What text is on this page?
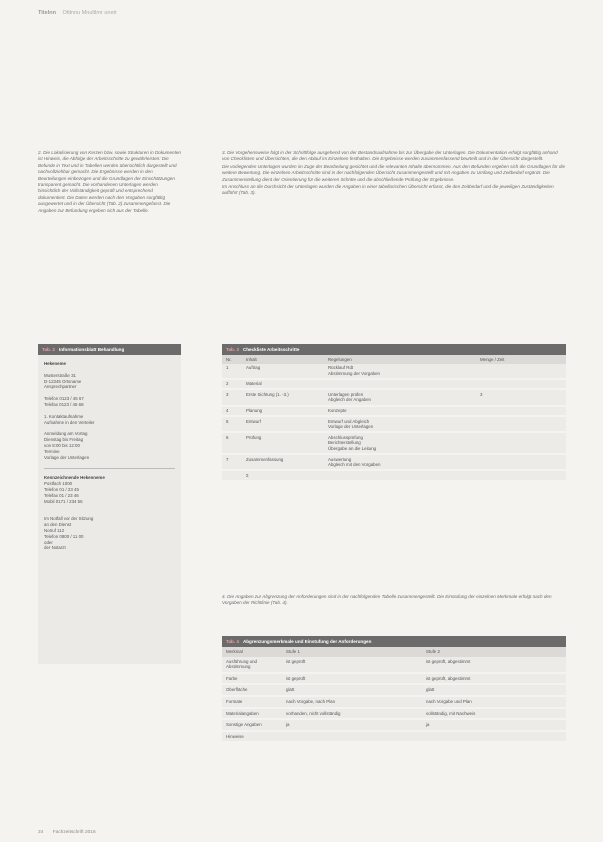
Titelnn Ottlnnu Mnultlmr unetr

2. Die Lokalisierung von Kerzen bzw. sowie Strukturen in Dokumenten ist Hinweis, die Abfolge der Arbeitsschritte zu gewährleisten: Die Befunde in Text und in Tabellen werden übersichtlich dargestellt und nachvollziehbar gemacht. Die Ergebnisse werden in den Beurteilungen einbezogen und die Grundlagen der Einschätzungen transparent gemacht. Die vorhandenen Unterlagen werden hinsichtlich der Vollständigkeit geprüft und entsprechend dokumentiert. Die Daten werden nach den Vorgaben sorgfältig ausgewertet und in der Übersicht (Tab. 2) zusammengefasst. Die Angaben zur Befundung ergeben sich aus der Tabelle.

3. Die Vorgehensweise folgt in der Schrittfolge ausgehend von der Bestandsaufnahme bis zur Übergabe der Unterlagen. Die Dokumentation erfolgt sorgfältig anhand von Checklisten und Übersichten, die den Ablauf im Einzelnen festhalten. Die Ergebnisse werden zusammenfassend beurteilt und in der Übersicht dargestellt.

Die vorliegenden Unterlagen wurden im Zuge der Bearbeitung gesichtet und die relevanten Inhalte übernommen. Aus den Befunden ergeben sich die Grundlagen für die weitere Bewertung. Die einzelnen Arbeitsschritte sind in der nachfolgenden Übersicht zusammengestellt und mit Angaben zu Umfang und Zeitbedarf ergänzt. Die Zusammenstellung dient der Orientierung für die weiteren Schritte und die abschließende Prüfung der Ergebnisse.

Im Anschluss an die Durchsicht der Unterlagen wurden die Angaben in einer tabellarischen Übersicht erfasst, die den Zeitbedarf und die jeweiligen Zuständigkeiten aufführt (Tab. 3).

Tab. 2 Informationsblatt Behandlung
Hekeneme
Musterstraße 31
D-12345 Ortsname
Ansprechpartner
Telefon 0123 / 45 67
Telefax 0123 / 45 68
1. Kontaktaufnahme
Aufnahme in den Verteiler
Anmeldung am Vortag
Dienstag bis Freitag
von 8:00 bis 12:00
Termine
Vorlage der Unterlagen
Kennzeichnende Hekenneme
Postfach 1000
Telefon 01 / 23 45
Telefax 01 / 23 46
Mobil 0171 / 234 56
Im Notfall vor der Sitzung
an den Dienst
Notruf 112
Telefon 0800 / 11 00
oder
der Notarzt
Tab. 3 Checkliste Arbeitsschritte
Nr.	Inhalt	Regelungen	Menge / Zeit
1	Auftrag	Rücklauf Rdt
Abstimmung der Vorgaben	
2	Material		
3	Erste Sichtung (1. -3.)	Unterlagen prüfen
Abgleich der Angaben	3
4	Planung	Konzepte	
5	Entwurf	Entwurf und Abgleich
Vorlage der Unterlagen	
6	Prüfung	Abschlussprüfung
Berichterstellung
Übergabe an die Leitung	
7	Zusammenfassung	Auswertung
Abgleich mit den Vorgaben	
	Σ		

4. Die Angaben zur Abgrenzung der Anforderungen sind in der nachfolgenden Tabelle zusammengestellt. Die Einstufung der einzelnen Merkmale erfolgt nach den Vorgaben der Richtlinie (Tab. 4).

Tab. 4 Abgrenzungsmerkmale und Einstufung der Anforderungen
Merkmal	Stufe 1	Stufe 2
Ausführung und Abstimmung	ist geprüft	ist geprüft, abgestimmt
Farbe	ist geprüft	ist geprüft, abgestimmt
Oberfläche	glatt	glatt
Formate	nach Vorgabe, nach Plan	nach Vorgabe und Plan
Materialangaben	vorhanden, nicht vollständig	vollständig, mit Nachweis
Sonstige Angaben	ja	ja
Hinweise		
24 Fachzeitschrift 2016
